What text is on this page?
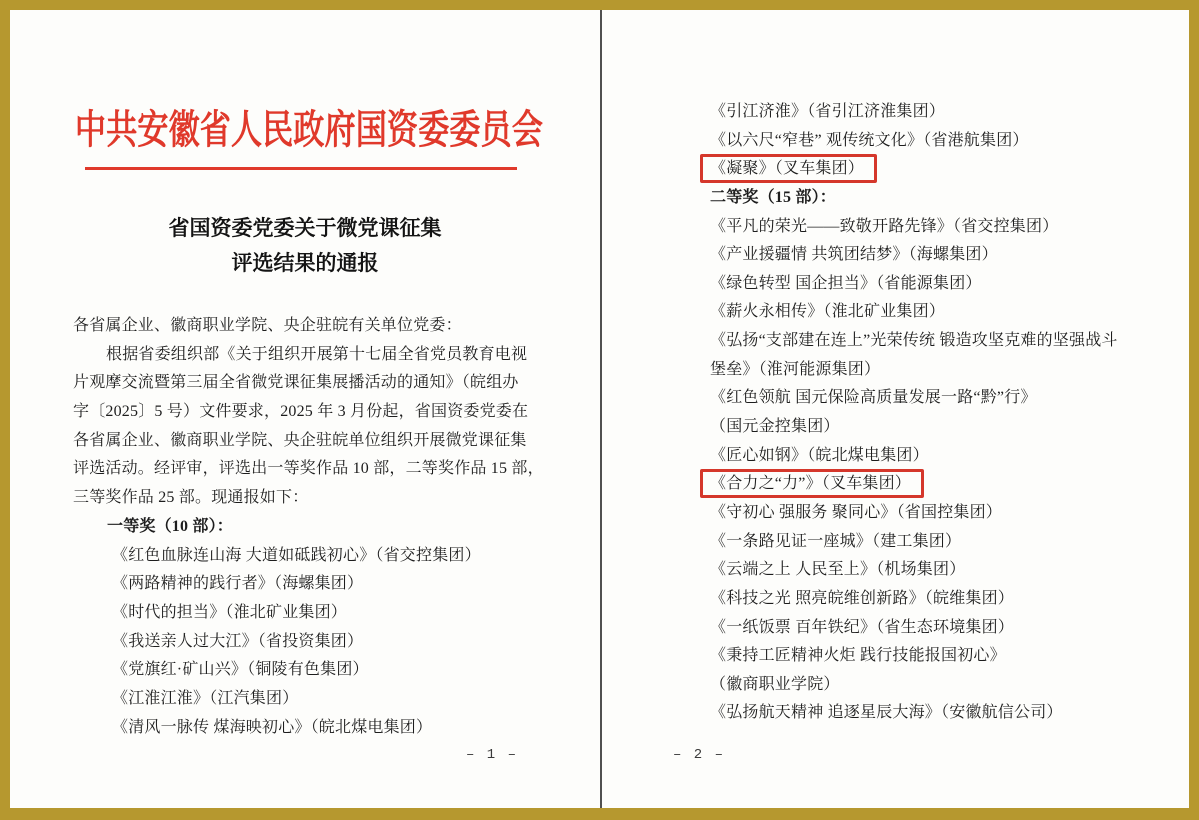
中共安徽省人民政府国资委委员会
省国资委党委关于微党课征集
评选结果的通报
各省属企业、徽商职业学院、央企驻皖有关单位党委：
根据省委组织部《关于组织开展第十七届全省党员教育电视
片观摩交流暨第三届全省微党课征集展播活动的通知》（皖组办
字〔2025〕5 号）文件要求，2025 年 3 月份起，省国资委党委在
各省属企业、徽商职业学院、央企驻皖单位组织开展微党课征集
评选活动。经评审，评选出一等奖作品 10 部，二等奖作品 15 部，
三等奖作品 25 部。现通报如下：
一等奖（10 部）：
《红色血脉连山海 大道如砥践初心》（省交控集团）
《两路精神的践行者》（海螺集团）
《时代的担当》（淮北矿业集团）
《我送亲人过大江》（省投资集团）
《党旗红·矿山兴》（铜陵有色集团）
《江淮江淮》（江汽集团）
《清风一脉传 煤海映初心》（皖北煤电集团）
– 1 –
《引江济淮》（省引江济淮集团）
《以六尺“窄巷” 观传统文化》（省港航集团）
《凝聚》（叉车集团）
二等奖（15 部）：
《平凡的荣光——致敬开路先锋》（省交控集团）
《产业援疆情 共筑团结梦》（海螺集团）
《绿色转型 国企担当》（省能源集团）
《薪火永相传》（淮北矿业集团）
《弘扬“支部建在连上”光荣传统 锻造攻坚克难的坚强战斗
堡垒》（淮河能源集团）
《红色领航 国元保险高质量发展一路“黔”行》
（国元金控集团）
《匠心如钢》（皖北煤电集团）
《合力之“力”》（叉车集团）
《守初心 强服务 聚同心》（省国控集团）
《一条路见证一座城》（建工集团）
《云端之上 人民至上》（机场集团）
《科技之光 照亮皖维创新路》（皖维集团）
《一纸饭票 百年铁纪》（省生态环境集团）
《秉持工匠精神火炬 践行技能报国初心》
（徽商职业学院）
《弘扬航天精神 追逐星辰大海》（安徽航信公司）
– 2 –
